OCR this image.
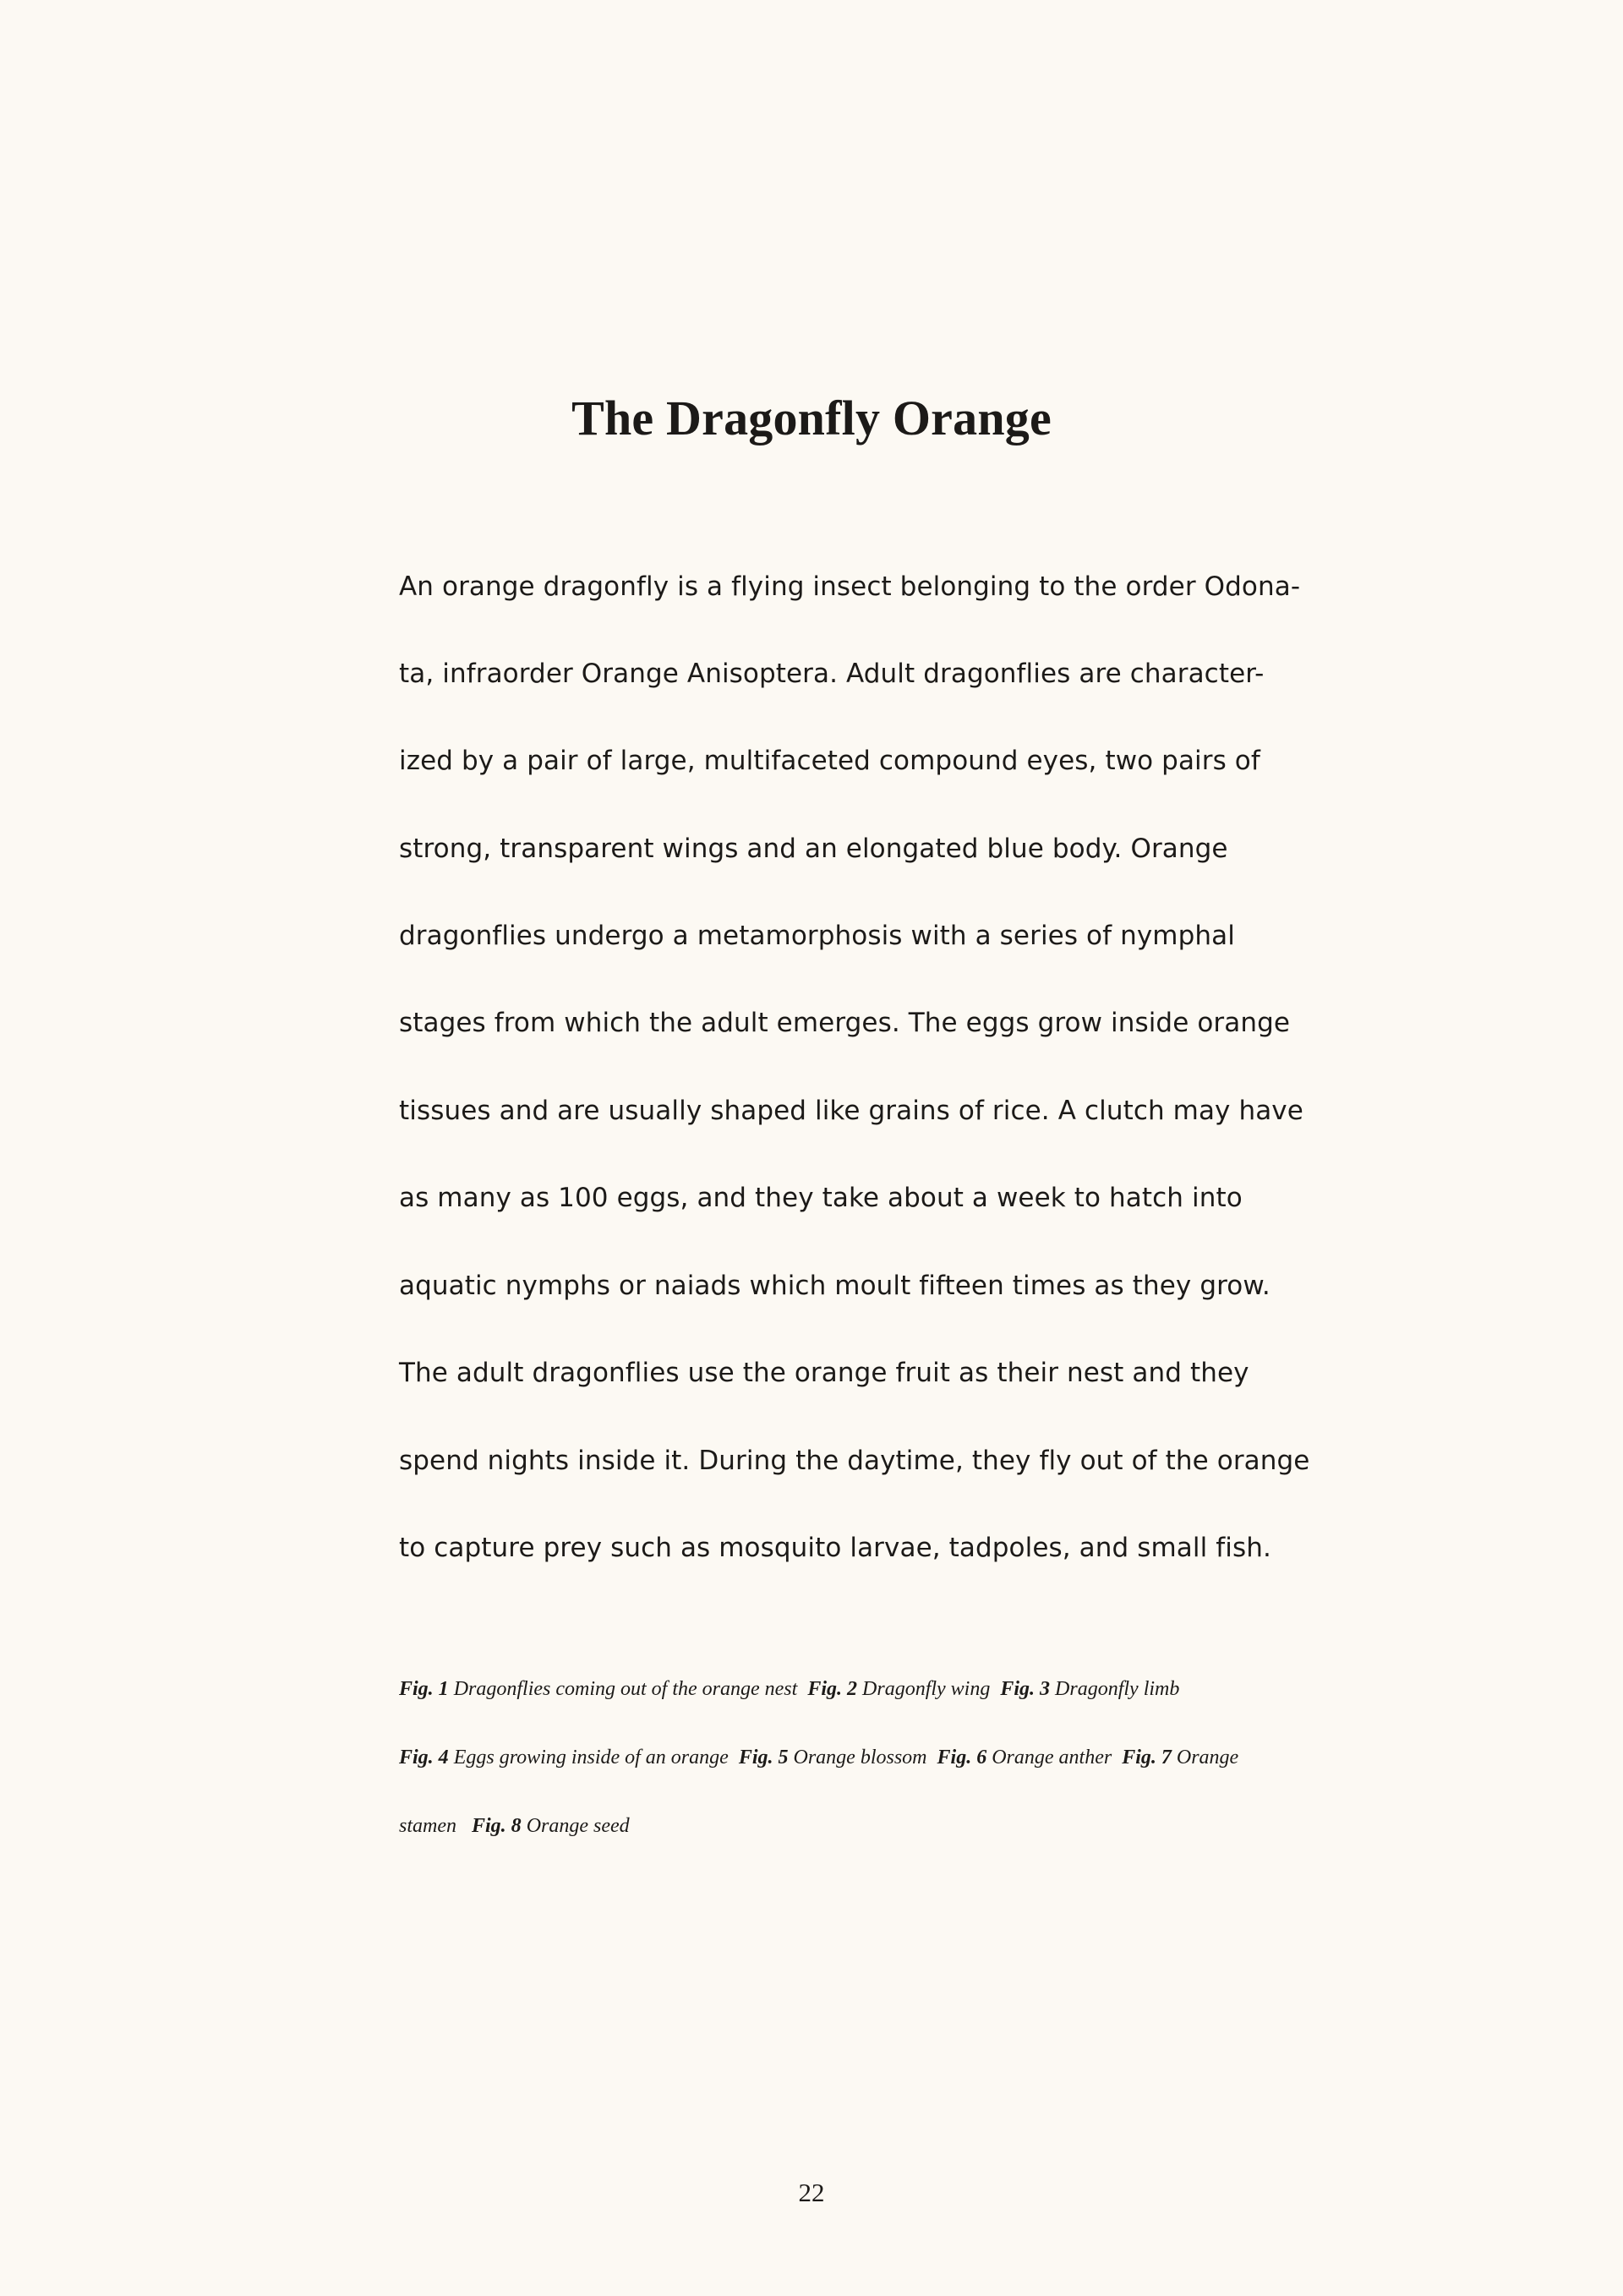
The Dragonfly Orange
An orange dragonfly is a flying insect belonging to the order Odona-
ta, infraorder Orange Anisoptera. Adult dragonflies are character-
ized by a pair of large, multifaceted compound eyes, two pairs of
strong, transparent wings and an elongated blue body. Orange
dragonflies undergo a metamorphosis with a series of nymphal
stages from which the adult emerges. The eggs grow inside orange
tissues and are usually shaped like grains of rice. A clutch may have
as many as 100 eggs, and they take about a week to hatch into
aquatic nymphs or naiads which moult fifteen times as they grow.
The adult dragonflies use the orange fruit as their nest and they
spend nights inside it. During the daytime, they fly out of the orange
to capture prey such as mosquito larvae, tadpoles, and small fish.
Fig. 1 Dragonflies coming out of the orange nest Fig. 2 Dragonfly wing Fig. 3 Dragonfly limb
Fig. 4 Eggs growing inside of an orange Fig. 5 Orange blossom Fig. 6 Orange anther Fig. 7 Orange
stamen Fig. 8 Orange seed
22
